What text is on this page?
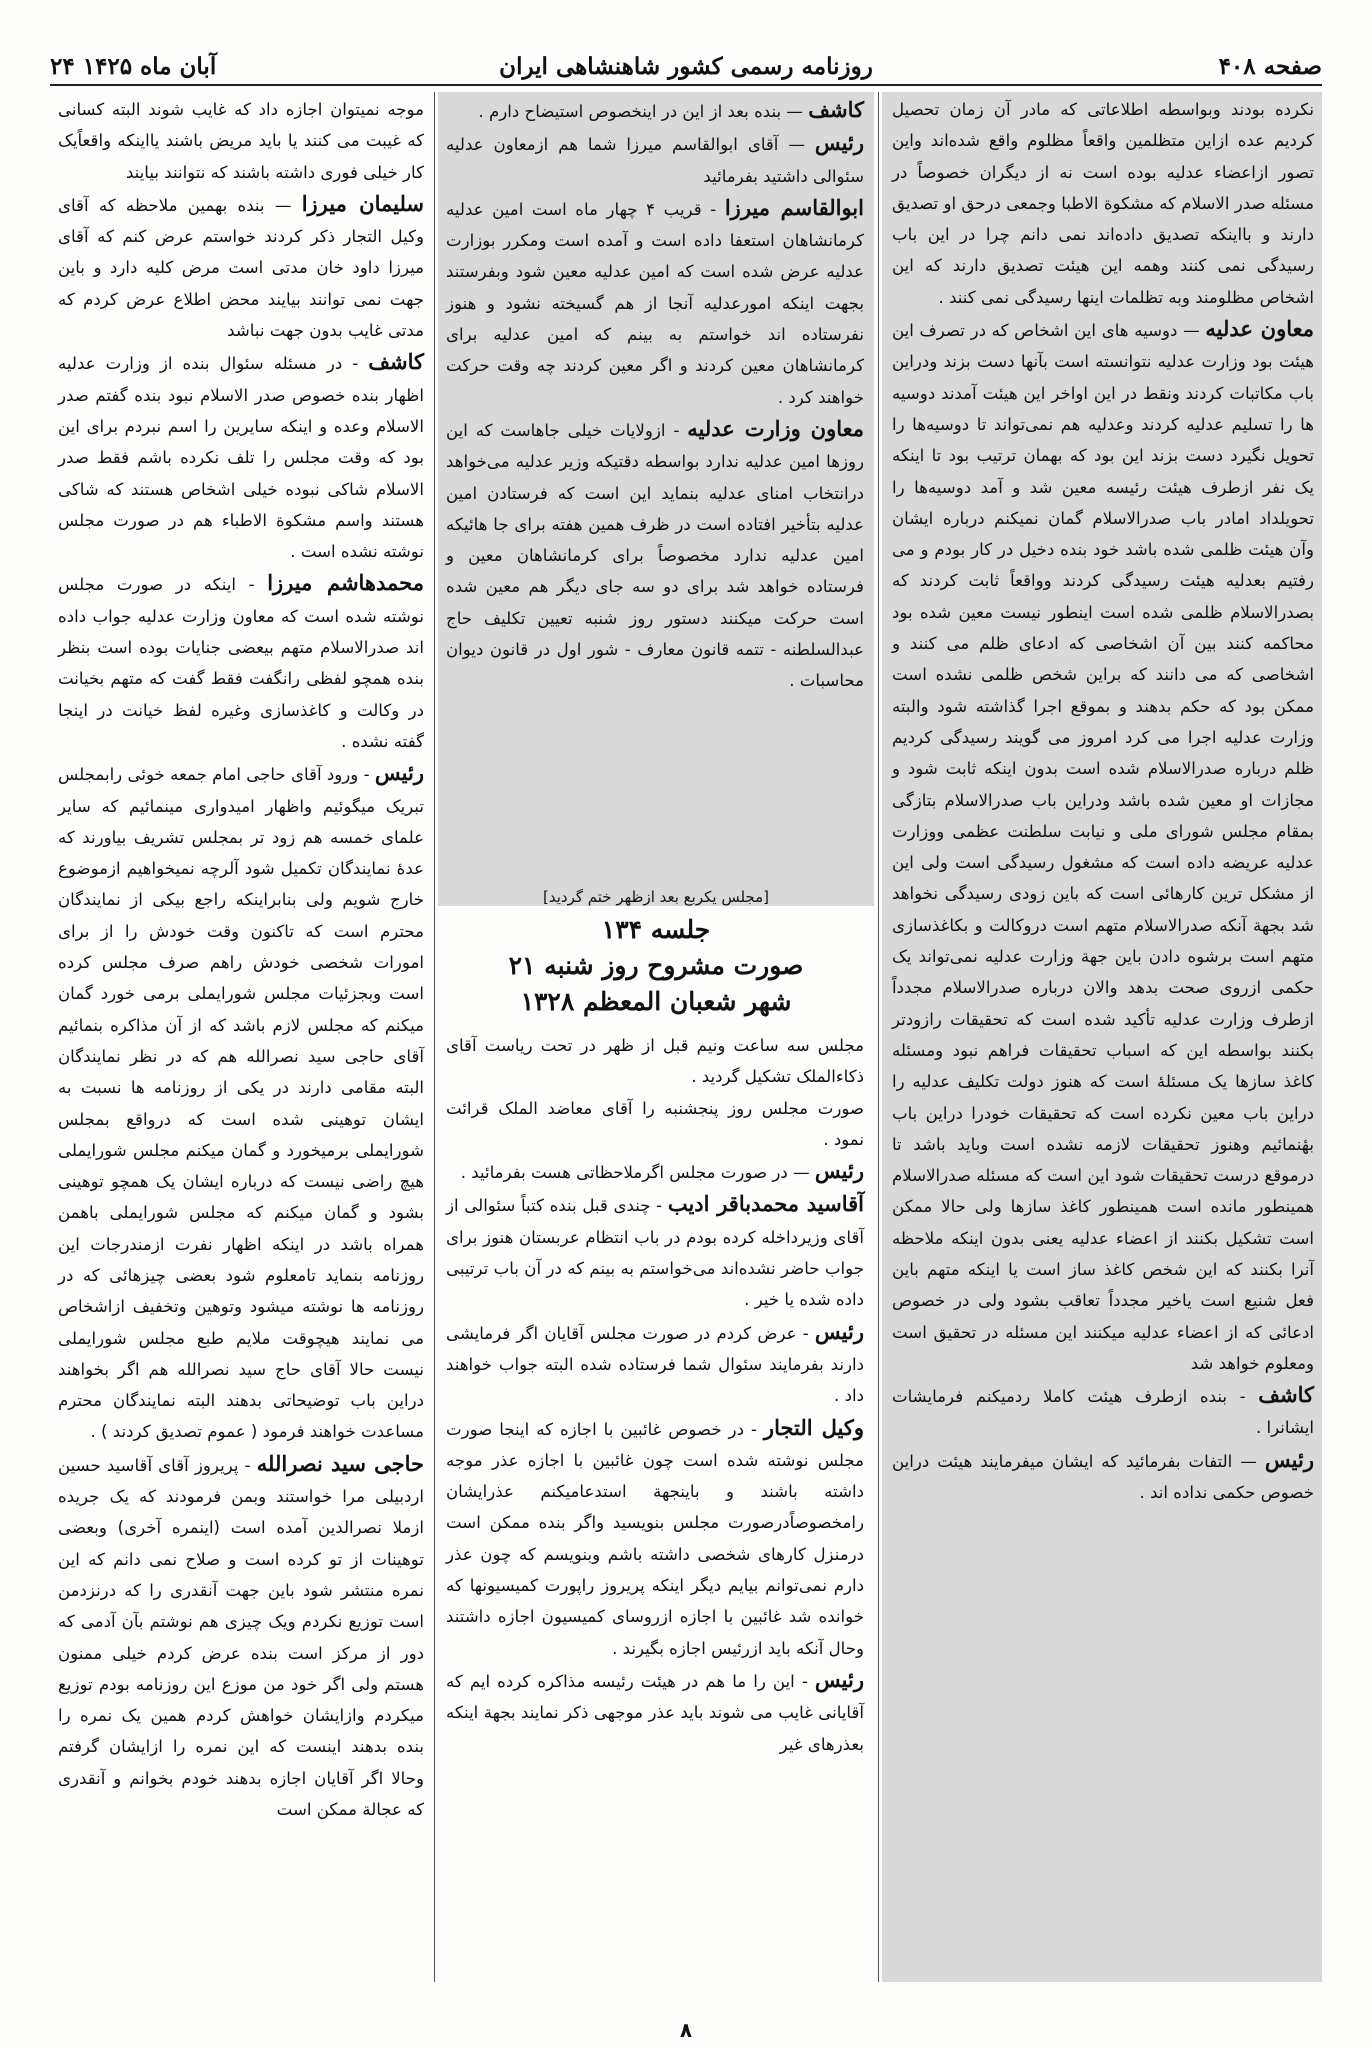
صفحه ۴۰۸
روزنامه رسمی کشور شاهنشاهی ایران
۲۴ آبان ماه ۱۴۲۵

نکرده بودند وبواسطه اطلاعاتی که مادر آن زمان تحصیل کردیم عده ازاین متظلمین واقعاً مظلوم واقع شده‌اند واین تصور ازاعضاء عدلیه بوده است نه از دیگران خصوصاً در مسئله صدر الاسلام که مشکوة الاطبا وجمعی درحق او تصدیق دارند و بااینکه تصدیق داده‌اند نمی دانم چرا در این باب رسیدگی نمی کنند وهمه این هیئت تصدیق دارند که این اشخاص مظلومند وبه تظلمات اینها رسیدگی نمی کنند .

معاون عدلیه — دوسیه های این اشخاص که در تصرف این هیئت بود وزارت عدلیه نتوانسته است بآنها دست بزند ودراین باب مکاتبات کردند ونقط در این اواخر این هیئت آمدند دوسیه ها را تسلیم عدلیه کردند وعدلیه هم نمی‌تواند تا دوسیه‌ها را تحویل نگیرد دست بزند این بود که بهمان ترتیب بود تا اینکه یک نفر ازطرف هیئت رئیسه معین شد و آمد دوسیه‌ها را تحویلداد امادر باب صدرالاسلام گمان نمیکنم درباره ایشان وآن هیئت ظلمی شده باشد خود بنده دخیل در کار بودم و می رفتیم بعدلیه هیئت رسیدگی کردند وواقعاً ثابت کردند که بصدرالاسلام ظلمی شده است اینطور نیست معین شده بود محاکمه کنند بین آن اشخاصی که ادعای ظلم می کنند و اشخاصی که می دانند که براین شخص ظلمی نشده است ممکن بود که حکم بدهند و بموقع اجرا گذاشته شود والبته وزارت عدلیه اجرا می کرد امروز می گویند رسیدگی کردیم ظلم درباره صدرالاسلام شده است بدون اینکه ثابت شود و مجازات او معین شده باشد ودراین باب صدرالاسلام بتازگی بمقام مجلس شورای ملی و نیابت سلطنت عظمی ووزارت عدلیه عریضه داده است که مشغول رسیدگی است ولی این از مشکل ترین کارهائی است که باین زودی رسیدگی نخواهد شد بجهة آنکه صدرالاسلام متهم است دروکالت و بکاغذسازی متهم است برشوه دادن باین جهة وزارت عدلیه نمی‌تواند یک حکمی ازروی صحت بدهد والان درباره صدرالاسلام مجدداً ازطرف وزارت عدلیه تأکید شده است که تحقیقات رازودتر بکنند بواسطه این که اسباب تحقیقات فراهم نبود ومسئله کاغذ سازها یک مسئلهٔ است که هنوز دولت تکلیف عدلیه را دراین باب معین نکرده است که تحقیقات خودرا دراین باب بهٔنمائیم وهنوز تحقیقات لازمه نشده است وباید باشد تا درموقع درست تحقیقات شود این است که مسئله صدرالاسلام همینطور مانده است همینطور کاغذ سازها ولی حالا ممکن است تشکیل بکنند از اعضاء عدلیه یعنی بدون اینکه ملاحظه آنرا بکنند که این شخص کاغذ ساز است یا اینکه متهم باین فعل شنیع است یاخیر مجدداً تعاقب بشود ولی در خصوص ادعائی که از اعضاء عدلیه میکنند این مسئله در تحقیق است ومعلوم خواهد شد

کاشف - بنده ازطرف هیئت کاملا ردمیکنم فرمایشات ایشانرا .

رئیس — التفات بفرمائید که ایشان میفرمایند هیئت دراین خصوص حکمی نداده اند .

کاشف — بنده بعد از این در اینخصوص استیضاح دارم .

رئیس — آقای ابوالقاسم میرزا شما هم ازمعاون عدلیه سئوالی داشتید بفرمائید

ابوالقاسم میرزا - قریب ۴ چهار ماه است امین عدلیه کرمانشاهان استعفا داده است و آمده است ومکرر بوزارت عدلیه عرض شده است که امین عدلیه معین شود وبفرستند بجهت اینکه امورعدلیه آنجا از هم گسیخته نشود و هنوز نفرستاده اند خواستم به بینم که امین عدلیه برای کرمانشاهان معین کردند و اگر معین کردند چه وقت حرکت خواهند کرد .

معاون وزارت عدلیه - ازولایات خیلی جاهاست که این روزها امین عدلیه ندارد بواسطه دقتیکه وزیر عدلیه می‌خواهد درانتخاب امنای عدلیه بنماید این است که فرستادن امین عدلیه بتأخیر افتاده است در ظرف همین هفته برای جا هائیکه امین عدلیه ندارد مخصوصاً برای کرمانشاهان معین و فرستاده خواهد شد برای دو سه جای دیگر هم معین شده است حرکت میکنند دستور روز شنبه تعیین تکلیف حاج عبدالسلطنه - تتمه قانون معارف - شور اول در قانون دیوان محاسبات .

[مجلس یکربع بعد ازظهر ختم گردید]
جلسه ۱۳۴
صورت مشروح روز شنبه ۲۱
شهر شعبان المعظم ۱۳۲۸

مجلس سه ساعت ونیم قبل از ظهر در تحت ریاست آقای ذکاءالملک تشکیل گردید .

صورت مجلس روز پنجشنبه را آقای معاضد الملک قرائت نمود .

رئیس — در صورت مجلس اگرملاحظاتی هست بفرمائید .

آقاسید محمدباقر ادیب - چندی قبل بنده کتباً سئوالی از آقای وزیرداخله کرده بودم در باب انتظام عربستان هنوز برای جواب حاضر نشده‌اند می‌خواستم به بینم که در آن باب ترتیبی داده شده یا خیر .

رئیس - عرض کردم در صورت مجلس آقایان اگر فرمایشی دارند بفرمایند سئوال شما فرستاده شده البته جواب خواهند داد .

وکیل التجار - در خصوص غائبین با اجازه که اینجا صورت مجلس نوشته شده است چون غائبین با اجازه عذر موجه داشته باشند و باینجهة استدعامیکنم عذرایشان رامخصوصاًدرصورت مجلس بنویسید واگر بنده ممکن است درمنزل کارهای شخصی داشته باشم وبنویسم که چون عذر دارم نمی‌توانم بیایم دیگر اینکه پریروز راپورت کمیسیونها که خوانده شد غائبین با اجازه ازروسای کمیسیون اجازه داشتند وحال آنکه باید ازرئیس اجازه بگیرند .

رئیس - این را ما هم در هیئت رئیسه مذاکره کرده ایم که آقایانی غایب می شوند باید عذر موجهی ذکر نمایند بجهة اینکه بعذرهای غیر

موجه نمیتوان اجازه داد که غایب شوند البته کسانی که غیبت می کنند یا باید مریض باشند یااینکه واقعاًیک کار خیلی فوری داشته باشند که نتوانند بیایند

سلیمان میرزا — بنده بهمین ملاحظه که آقای وکیل التجار ذکر کردند خواستم عرض کنم که آقای میرزا داود خان مدتی است مرض کلیه دارد و باین جهت نمی توانند بیایند محض اطلاع عرض کردم که مدتی غایب بدون جهت نباشد

کاشف - در مسئله سئوال بنده از وزارت عدلیه اظهار بنده خصوص صدر الاسلام نبود بنده گفتم صدر الاسلام وعده و اینکه سایرین را اسم نبردم برای این بود که وقت مجلس را تلف نکرده باشم فقط صدر الاسلام شاکی نبوده خیلی اشخاص هستند که شاکی هستند واسم مشکوة الاطباء هم در صورت مجلس نوشته نشده است .

محمدهاشم میرزا - اینکه در صورت مجلس نوشته شده است که معاون وزارت عدلیه جواب داده اند صدرالاسلام متهم بیعضی جنایات بوده است بنظر بنده همچو لفظی رانگفت فقط گفت که متهم بخیانت در وکالت و کاغذسازی وغیره لفظ خیانت در اینجا گفته نشده .

رئیس - ورود آقای حاجی امام جمعه خوئی رابمجلس تبریک میگوئیم واظهار امیدواری مینمائیم که سایر علمای خمسه هم زود تر بمجلس تشریف بیاورند که عدهٔ نمایندگان تکمیل شود آلرچه نمیخواهیم ازموضوع خارج شویم ولی بنابراینکه راجع بیکی از نمایندگان محترم است که تاکنون وقت خودش را از برای امورات شخصی خودش راهم صرف مجلس کرده است وبجزئیات مجلس شورایملی برمی خورد گمان میکنم که مجلس لازم باشد که از آن مذاکره بنمائیم آقای حاجی سید نصرالله هم که در نظر نمایندگان البته مقامی دارند در یکی از روزنامه ها نسبت به ایشان توهینی شده است که درواقع بمجلس شورایملی برمیخورد و گمان میکنم مجلس شورایملی هیچ راضی نیست که درباره ایشان یک همچو توهینی بشود و گمان میکنم که مجلس شورایملی باهمن همراه باشد در اینکه اظهار نفرت ازمندرجات این روزنامه بنماید تامعلوم شود بعضی چیزهائی که در روزنامه ها نوشته میشود وتوهین وتخفیف ازاشخاص می نمایند هیچوقت ملایم طبع مجلس شورایملی نیست حالا آقای حاج سید نصرالله هم اگر بخواهند دراین باب توضیحاتی بدهند البته نمایندگان محترم مساعدت خواهند فرمود ( عموم تصدیق کردند ) .

حاجی سید نصرالله - پریروز آقای آقاسید حسین اردبیلی مرا خواستند وبمن فرمودند که یک جریده ازملا نصرالدین آمده است (اینمره آخری) وبعضی توهینات از تو کرده است و صلاح نمی دانم که این نمره منتشر شود باین جهت آنقدری را که درنزدمن است توزیع نکردم ویک چیزی هم نوشتم بآن آدمی که دور از مرکز است بنده عرض کردم خیلی ممنون هستم ولی اگر خود من موزع این روزنامه بودم توزیع میکردم وازایشان خواهش کردم همین یک نمره را بنده بدهند اینست که این نمره را ازایشان گرفتم وحالا اگر آقایان اجازه بدهند خودم بخوانم و آنقدری که عجالة ممکن است

۸
